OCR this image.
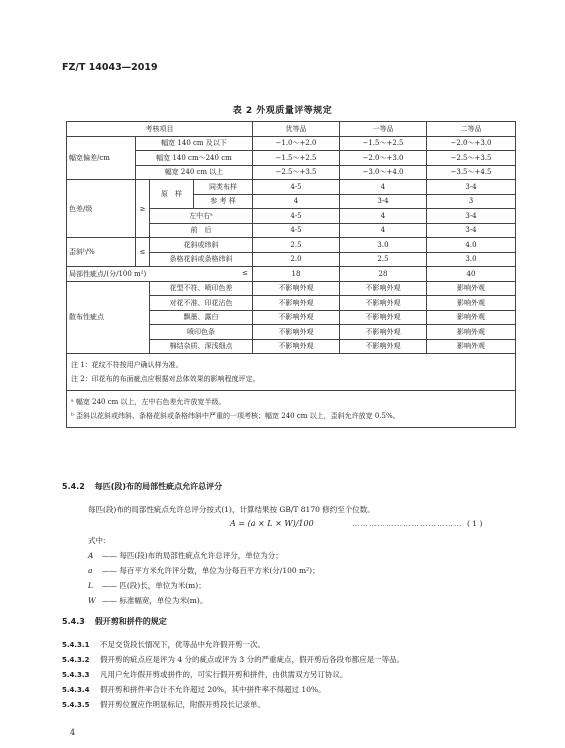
FZ/T 14043—2019
表 2 外观质量评等规定
考核项目				优等品	一等品	二等品
幅宽偏差/cm	幅宽 140 cm 及以下			−1.0～+2.0	−1.5～+2.5	−2.0～+3.0
	幅宽 140 cm～240 cm			−1.5～+2.5	−2.0～+3.0	−2.5～+3.5
	幅宽 240 cm 以上			−2.5～+3.5	−3.0～+4.0	−3.5～+4.5
色差/级	≥	原　样	同类布样	4-5	4	3-4
			参 考 样	4	3-4	3
		左中右ᵃ		4-5	4	3-4
		前　后		4-5	4	3-4
歪斜ᵇ/%	≤	花斜或纬斜		2.5	3.0	4.0
		条格花斜或条格纬斜		2.0	2.5	3.0
局部性疵点/(分/100 m²) ≤				18	28	40
散布性疵点		花型不符、喷印色差		不影响外观	不影响外观	影响外观
		对花不准、印花沾色		不影响外观	不影响外观	影响外观
		飘墨、露白		不影响外观	不影响外观	影响外观
		喷印色条		不影响外观	不影响外观	影响外观
		棉结杂质、深浅细点		不影响外观	不影响外观	影响外观

注 1：花纹不符按用户确认样为准。
注 2：印花布的布面疵点应根据对总体效果的影响程度评定。						

ᵃ 幅宽 240 cm 以上，左中右色差允许放宽半级。
ᵇ 歪斜以花斜或纬斜、条格花斜或条格纬斜中严重的一项考核；幅宽 240 cm 以上，歪斜允许放宽 0.5%。						
5.4.2 每匹(段)布的局部性疵点允许总评分
每匹(段)布的局部性疵点允许总评分按式(1)，计算结果按 GB/T 8170 修约至个位数。
A = (a × L × W)/100	………………………………… ( 1 )
式中：
A —— 每匹(段)布的局部性疵点允许总评分，单位为分；
a —— 每百平方米允许评分数，单位为分每百平方米(分/100 m²)；
L —— 匹(段)长，单位为米(m)；
W —— 标准幅宽，单位为米(m)。
5.4.3 假开剪和拼件的规定
5.4.3.1 不足交货段长情况下，优等品中允许假开剪一次。
5.4.3.2 假开剪的疵点应是评为 4 分的疵点或评为 3 分的严重疵点，假开剪后各段布都应是一等品。
5.4.3.3 凡用户允许假开剪或拼件的，可实行假开剪和拼件，由供需双方另订协议。
5.4.3.4 假开剪和拼件率合计不允许超过 20%，其中拼件率不得超过 10%。
5.4.3.5 假开剪位置应作明显标记，附假开剪段长记录单。
4
